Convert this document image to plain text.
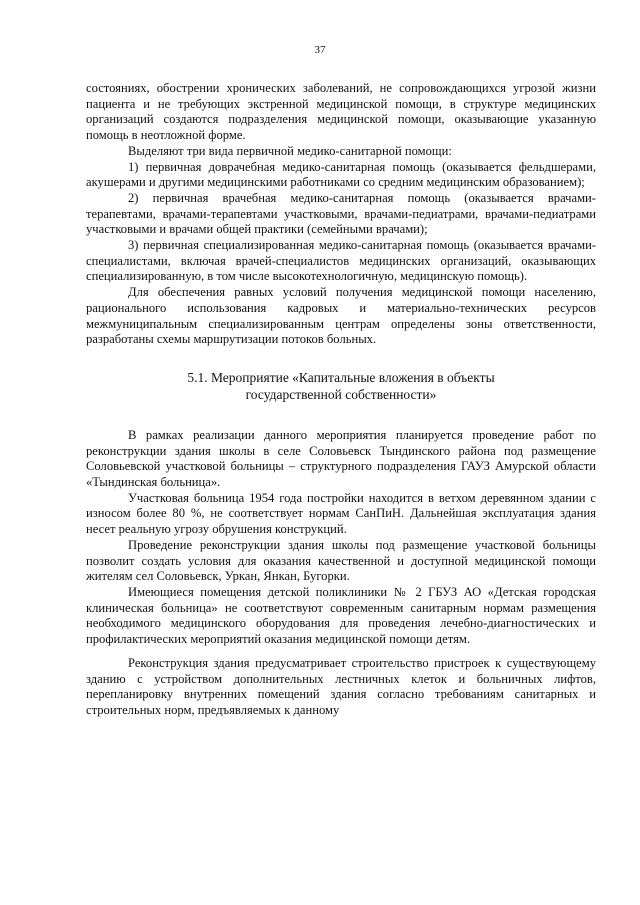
37

состояниях, обострении хронических заболеваний, не сопровождающихся угрозой жизни пациента и не требующих экстренной медицинской помощи, в структуре медицинских организаций создаются подразделения медицинской помощи, оказывающие указанную помощь в неотложной форме.

Выделяют три вида первичной медико-санитарной помощи:

1) первичная доврачебная медико-санитарная помощь (оказывается фельдшерами, акушерами и другими медицинскими работниками со средним медицинским образованием);

2) первичная врачебная медико-санитарная помощь (оказывается врачами-терапевтами, врачами-терапевтами участковыми, врачами-педиатрами, врачами-педиатрами участковыми и врачами общей практики (семейными врачами);

3) первичная специализированная медико-санитарная помощь (оказывается врачами-специалистами, включая врачей-специалистов медицинских организаций, оказывающих специализированную, в том числе высокотехнологичную, медицинскую помощь).

Для обеспечения равных условий получения медицинской помощи населению, рационального использования кадровых и материально-технических ресурсов межмуниципальным специализированным центрам определены зоны ответственности, разработаны схемы маршрутизации потоков больных.

5.1. Мероприятие «Капитальные вложения в объекты
государственной собственности»

В рамках реализации данного мероприятия планируется проведение работ по реконструкции здания школы в селе Соловьевск Тындинского района под размещение Соловьевской участковой больницы – структурного подразделения ГАУЗ Амурской области «Тындинская больница».

Участковая больница 1954 года постройки находится в ветхом деревянном здании с износом более 80 %, не соответствует нормам СанПиН. Дальнейшая эксплуатация здания несет реальную угрозу обрушения конструкций.

Проведение реконструкции здания школы под размещение участковой больницы позволит создать условия для оказания качественной и доступной медицинской помощи жителям сел Соловьевск, Уркан, Янкан, Бугорки.

Имеющиеся помещения детской поликлиники № 2 ГБУЗ АО «Детская городская клиническая больница» не соответствуют современным санитарным нормам размещения необходимого медицинского оборудования для проведения лечебно-диагностических и профилактических мероприятий оказания медицинской помощи детям.

Реконструкция здания предусматривает строительство пристроек к существующему зданию с устройством дополнительных лестничных клеток и больничных лифтов, перепланировку внутренних помещений здания согласно требованиям санитарных и строительных норм, предъявляемых к данному
